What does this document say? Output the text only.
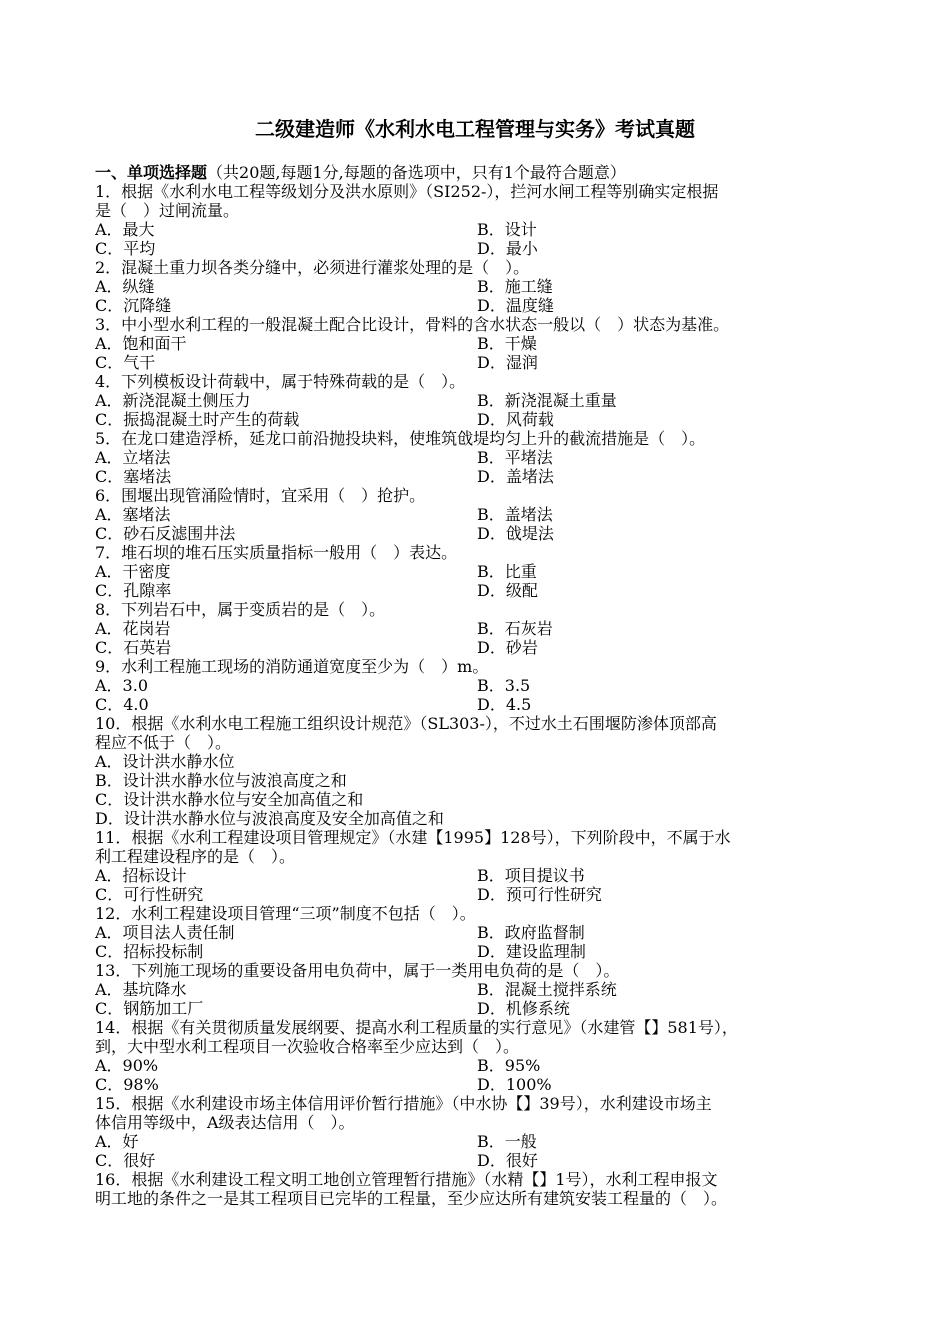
二级建造师《水利水电工程管理与实务》考试真题
一、单项选择题（共20题,每题1分,每题的备选项中，只有1个最符合题意）
1．根据《水利水电工程等级划分及洪水原则》（SI252-），拦河水闸工程等别确实定根据
是（　）过闸流量。
A．最大	B．设计
C．平均	D．最小
2．混凝土重力坝各类分缝中，必须进行灌浆处理的是（　）。
A．纵缝	B．施工缝
C．沉降缝	D．温度缝
3．中小型水利工程的一般混凝土配合比设计，骨料的含水状态一般以（　）状态为基准。
A．饱和面干	B．干燥
C．气干	D．湿润
4．下列模板设计荷载中，属于特殊荷载的是（　）。
A．新浇混凝土侧压力	B．新浇混凝土重量
C．振捣混凝土时产生的荷载	D．风荷载
5．在龙口建造浮桥，延龙口前沿抛投块料，使堆筑戗堤均匀上升的截流措施是（　）。
A．立堵法	B．平堵法
C．塞堵法	D．盖堵法
6．围堰出现管涌险情时，宜采用（　）抢护。
A．塞堵法	B．盖堵法
C．砂石反滤围井法	D．戗堤法
7．堆石坝的堆石压实质量指标一般用（　）表达。
A．干密度	B．比重
C．孔隙率	D．级配
8．下列岩石中，属于变质岩的是（　）。
A．花岗岩	B．石灰岩
C．石英岩	D．砂岩
9．水利工程施工现场的消防通道宽度至少为（　）m。
A．3.0	B．3.5
C．4.0	D．4.5
10．根据《水利水电工程施工组织设计规范》（SL303-），不过水土石围堰防渗体顶部高
程应不低于（　）。
A．设计洪水静水位
B．设计洪水静水位与波浪高度之和
C．设计洪水静水位与安全加高值之和
D．设计洪水静水位与波浪高度及安全加高值之和
11．根据《水利工程建设项目管理规定》（水建【1995】128号），下列阶段中，不属于水
利工程建设程序的是（　）。
A．招标设计	B．项目提议书
C．可行性研究	D．预可行性研究
12．水利工程建设项目管理“三项”制度不包括（　）。
A．项目法人责任制	B．政府监督制
C．招标投标制	D．建设监理制
13．下列施工现场的重要设备用电负荷中，属于一类用电负荷的是（　）。
A．基坑降水	B．混凝土搅拌系统
C．钢筋加工厂	D．机修系统
14．根据《有关贯彻质量发展纲要、提高水利工程质量的实行意见》（水建管【】581号），
到，大中型水利工程项目一次验收合格率至少应达到（　）。
A．90%	B．95%
C．98%	D．100%
15．根据《水利建设市场主体信用评价暂行措施》（中水协【】39号），水利建设市场主
体信用等级中，A级表达信用（　）。
A．好	B．一般
C．很好	D．很好
16．根据《水利建设工程文明工地创立管理暂行措施》（水精【】1号），水利工程申报文
明工地的条件之一是其工程项目已完毕的工程量，至少应达所有建筑安装工程量的（　）。
